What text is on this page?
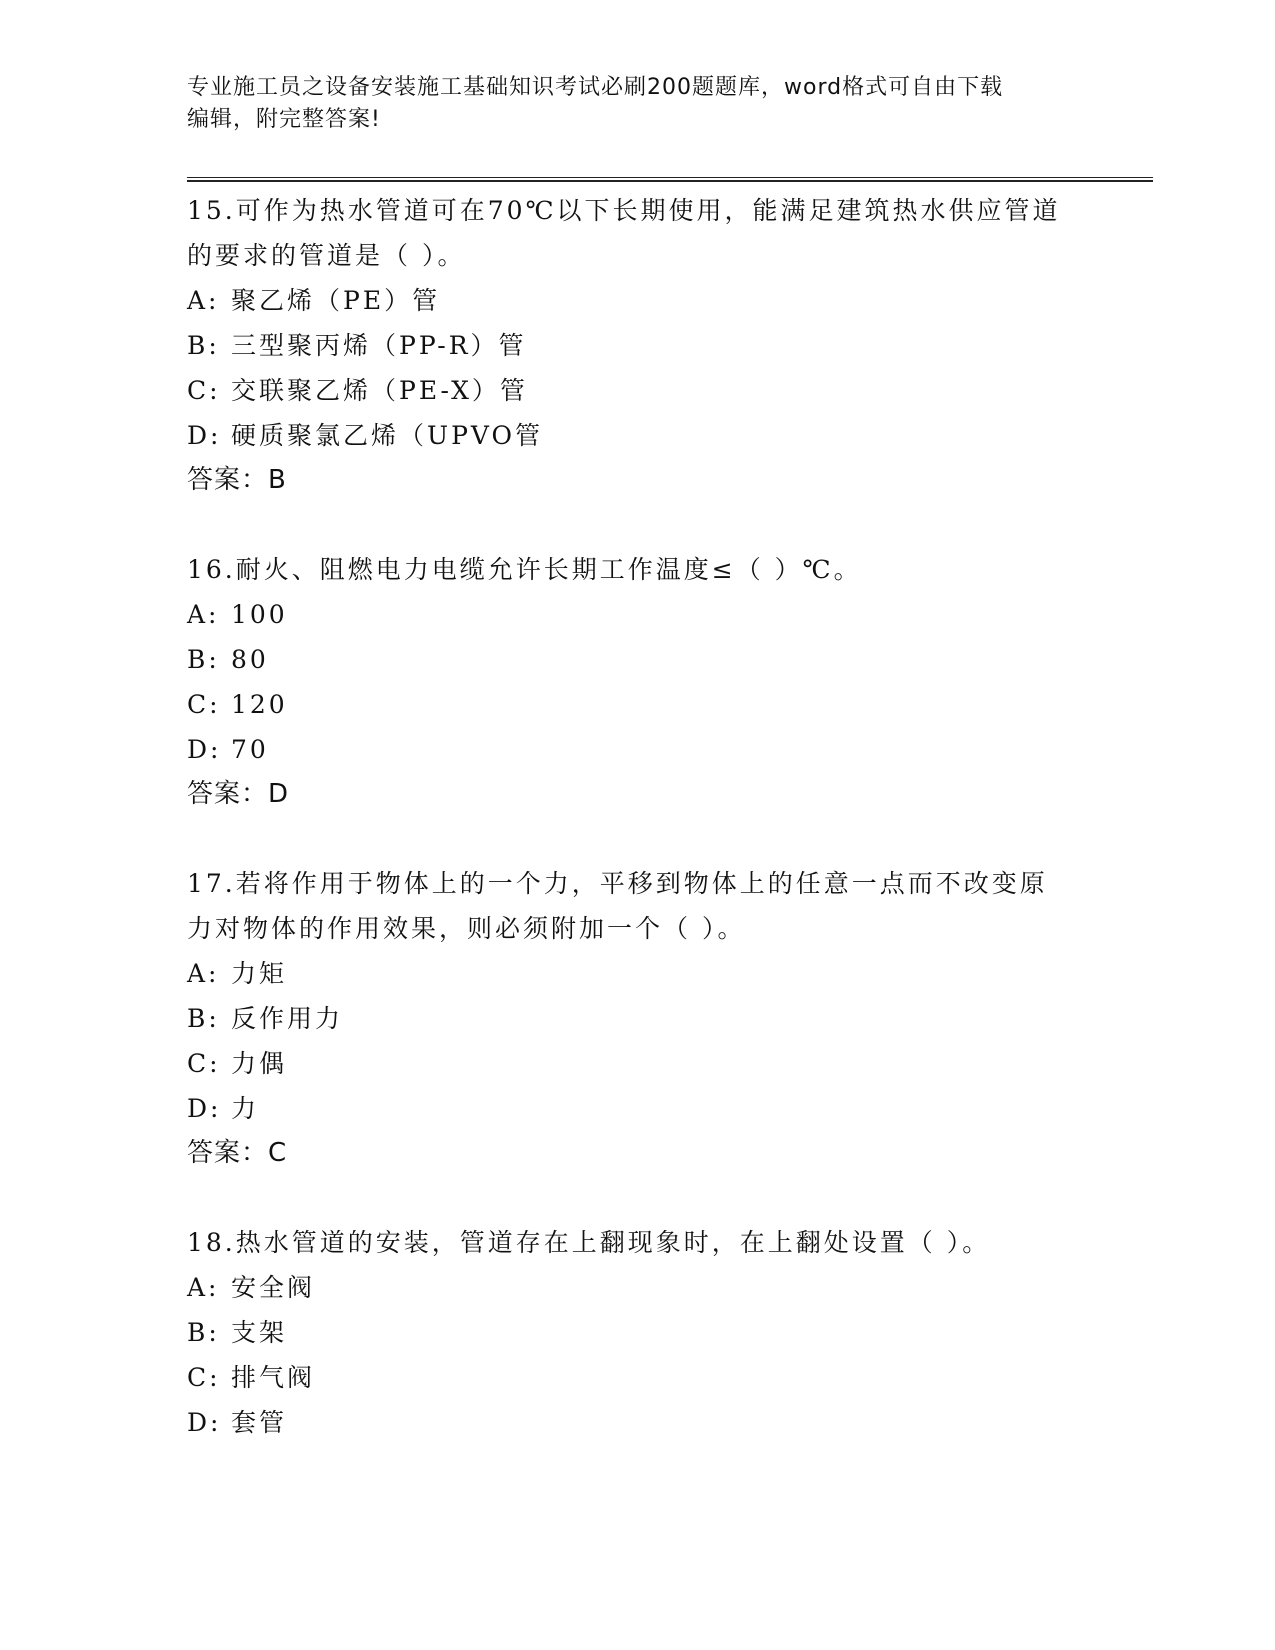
专业施工员之设备安装施工基础知识考试必刷200题题库，word格式可自由下载
编辑，附完整答案!

15.可作为热水管道可在70℃以下长期使用，能满足建筑热水供应管道

的要求的管道是（ ）。

A: 聚乙烯（PE）管

B: 三型聚丙烯（PP-R）管

C: 交联聚乙烯（PE-X）管

D: 硬质聚氯乙烯（UPVO管

答案：B

16.耐火、阻燃电力电缆允许长期工作温度≤（ ）℃。

A: 100

B: 80

C: 120

D: 70

答案：D

17.若将作用于物体上的一个力，平移到物体上的任意一点而不改变原

力对物体的作用效果，则必须附加一个（ ）。

A: 力矩

B: 反作用力

C: 力偶

D: 力

答案：C

18.热水管道的安装，管道存在上翻现象时，在上翻处设置（ ）。

A: 安全阀

B: 支架

C: 排气阀

D: 套管
